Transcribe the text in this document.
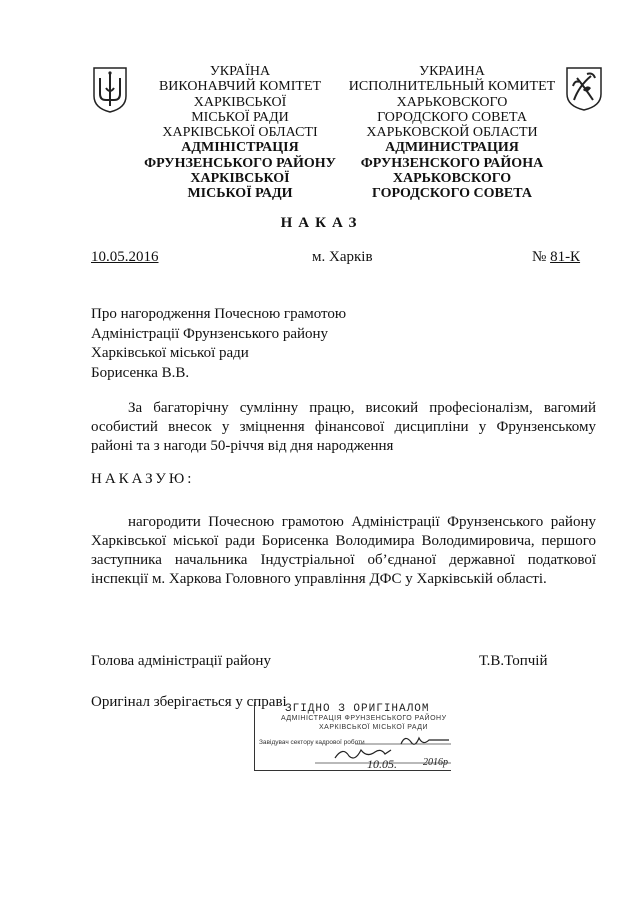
УКРАЇНА
ВИКОНАВЧИЙ КОМІТЕТ
ХАРКІВСЬКОЇ
МІСЬКОЇ РАДИ
ХАРКІВСЬКОЇ ОБЛАСТІ
АДМІНІСТРАЦІЯ
ФРУНЗЕНСЬКОГО РАЙОНУ
ХАРКІВСЬКОЇ
МІСЬКОЇ РАДИ
УКРАИНА
ИСПОЛНИТЕЛЬНЫЙ КОМИТЕТ
ХАРЬКОВСКОГО
ГОРОДСКОГО СОВЕТА
ХАРЬКОВСКОЙ ОБЛАСТИ
АДМИНИСТРАЦИЯ
ФРУНЗЕНСКОГО РАЙОНА
ХАРЬКОВСКОГО
ГОРОДСКОГО СОВЕТА
НАКАЗ
10.05.2016	м. Харків	№ 81-К
Про нагородження Почесною грамотою
Адміністрації Фрунзенського району
Харківської міської ради
Борисенка В.В.
За багаторічну сумлінну працю, високий професіоналізм, вагомий особистий внесок у зміцнення фінансової дисципліни у Фрунзенському районі та з нагоди 50-річчя від дня народження
НАКАЗУЮ:
нагородити Почесною грамотою Адміністрації Фрунзенського району Харківської міської ради Борисенка Володимира Володимировича, першого заступника начальника Індустріальної об’єднаної державної податкової інспекції м. Харкова Головного управління ДФС у Харківській області.
Голова адміністрації району	Т.В.Топчій
Оригінал зберігається у справі
ЗГІДНО З ОРИГІНАЛОМ
АДМІНІСТРАЦІЯ ФРУНЗЕНСЬКОГО РАЙОНУ
ХАРКІВСЬКОЇ МІСЬКОЇ РАДИ
Завідувач сектору кадрової роботи
10.05.	2016р
